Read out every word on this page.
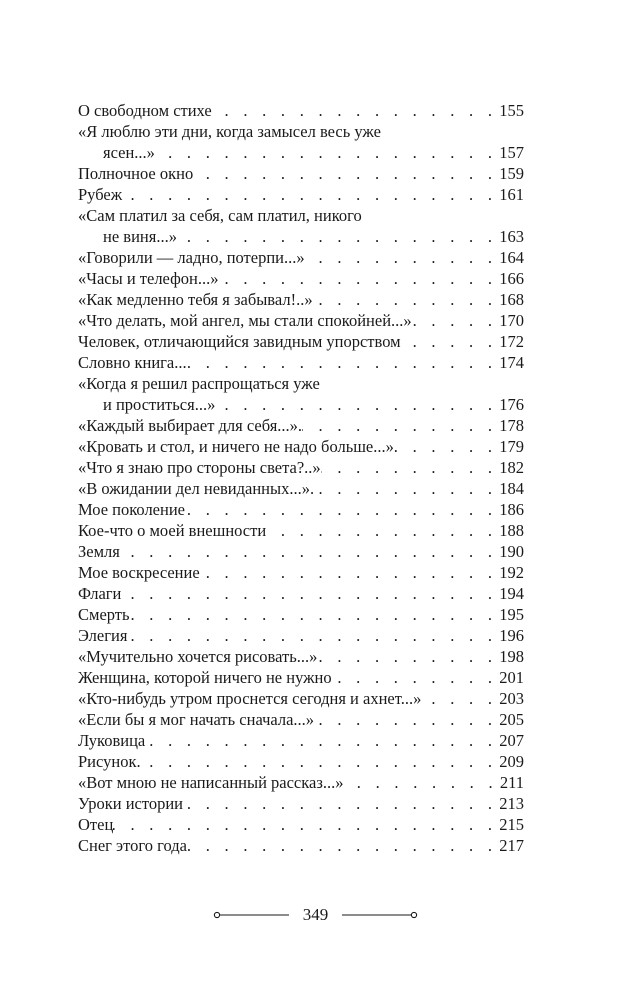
О свободном стихе . . .	155
«Я люблю эти дни, когда замысел весь уже
ясен...» . . .	157
Полночное окно . . .	159
Рубеж . . .	161
«Сам платил за себя, сам платил, никого
не виня...» . . .	163
«Говорили — ладно, потерпи...» . . .	164
«Часы и телефон...» . . .	166
«Как медленно тебя я забывал!..» . . .	168
«Что делать, мой ангел, мы стали спокойней...» . . .	170
Человек, отличающийся завидным упорством . . .	172
Словно книга... . . .	174
«Когда я решил распрощаться уже
и проститься...» . . .	176
«Каждый выбирает для себя...». . . .	178
«Кровать и стол, и ничего не надо больше...» . . .	179
«Что я знаю про стороны света?..» . . .	182
«В ожидании дел невиданных...». . . .	184
Мое поколение . . .	186
Кое-что о моей внешности . . .	188
Земля . . .	190
Мое воскресение . . .	192
Флаги . . .	194
Смерть . . .	195
Элегия . . .	196
«Мучительно хочется рисовать...» . . .	198
Женщина, которой ничего не нужно . . .	201
«Кто-нибудь утром проснется сегодня и ахнет...» . . .	203
«Если бы я мог начать сначала...» . . .	205
Луковица . . .	207
Рисунок. . . .	209
«Вот мною не написанный рассказ...» . . .	211
Уроки истории . . .	213
Отец . . .	215
Снег этого года . . .	217
349
